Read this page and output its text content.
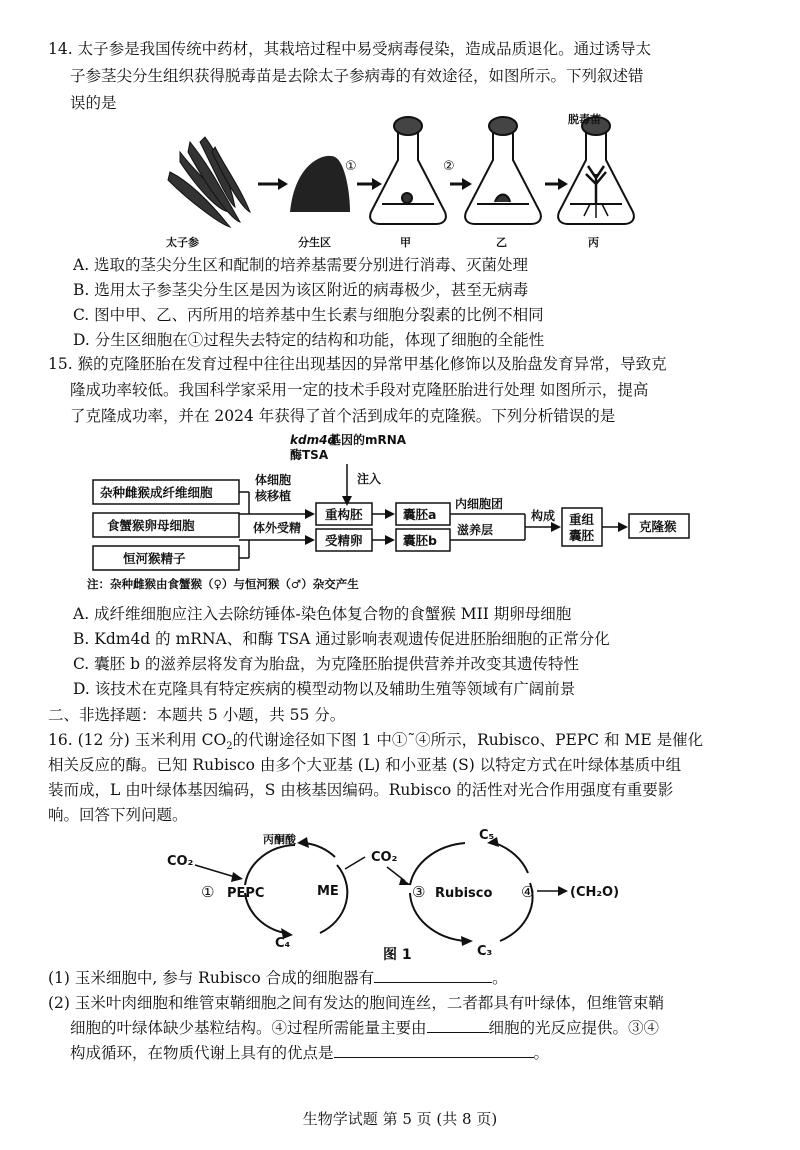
14. 太子参是我国传统中药材，其栽培过程中易受病毒侵染，造成品质退化。通过诱导太

子参茎尖分生组织获得脱毒苗是去除太子参病毒的有效途径，如图所示。下列叙述错

误的是

①	②
脱毒苗
太子参	分生区	甲	乙	丙
A. 选取的茎尖分生区和配制的培养基需要分别进行消毒、灭菌处理
B. 选用太子参茎尖分生区是因为该区附近的病毒极少，甚至无病毒
C. 图中甲、乙、丙所用的培养基中生长素与细胞分裂素的比例不相同
D. 分生区细胞在①过程失去特定的结构和功能，体现了细胞的全能性

15. 猴的克隆胚胎在发育过程中往往出现基因的异常甲基化修饰以及胎盘发育异常，导致克

隆成功率较低。我国科学家采用一定的技术手段对克隆胚胎进行处理 如图所示，提高

了克隆成功率，并在 2024 年获得了首个活到成年的克隆猴。下列分析错误的是

kdm4d
基因的mRNA
酶TSA
注入
杂种雌猴成纤维细胞
食蟹猴卵母细胞
恒河猴精子
体细胞
核移植
体外受精
重构胚
受精卵
囊胚a
囊胚b
内细胞团
滋养层
构成 重组
囊胚
克隆猴
注：杂种雌猴由食蟹猴（♀）与恒河猴（♂）杂交产生
A. 成纤维细胞应注入去除纺锤体-染色体复合物的食蟹猴 MII 期卵母细胞
B. Kdm4d 的 mRNA、和酶 TSA 通过影响表观遗传促进胚胎细胞的正常分化
C. 囊胚 b 的滋养层将发育为胎盘，为克隆胚胎提供营养并改变其遗传特性
D. 该技术在克隆具有特定疾病的模型动物以及辅助生殖等领域有广阔前景

二、非选择题：本题共 5 小题，共 55 分。

16. (12 分) 玉米利用 $CO_2$的代谢途径如下图 1 中①˜④所示，Rubisco、PEPC 和 ME 是催化

相关反应的酶。已知 Rubisco 由多个大亚基 (L) 和小亚基 (S) 以特定方式在叶绿体基质中组

装而成，L 由叶绿体基因编码，S 由核基因编码。Rubisco 的活性对光合作用强度有重要影

响。回答下列问题。

CO₂
丙酮酸
① PEPC
C₄
ME
CO₂
③ Rubisco
C₅
④	(CH₂O)
C₃
图 1

(1) 玉米细胞中, 参与 Rubisco 合成的细胞器有	。

(2) 玉米叶肉细胞和维管束鞘细胞之间有发达的胞间连丝，二者都具有叶绿体，但维管束鞘

细胞的叶绿体缺少基粒结构。④过程所需能量主要由	细胞的光反应提供。③④

构成循环，在物质代谢上具有的优点是	。

生物学试题 第 5 页 (共 8 页)
